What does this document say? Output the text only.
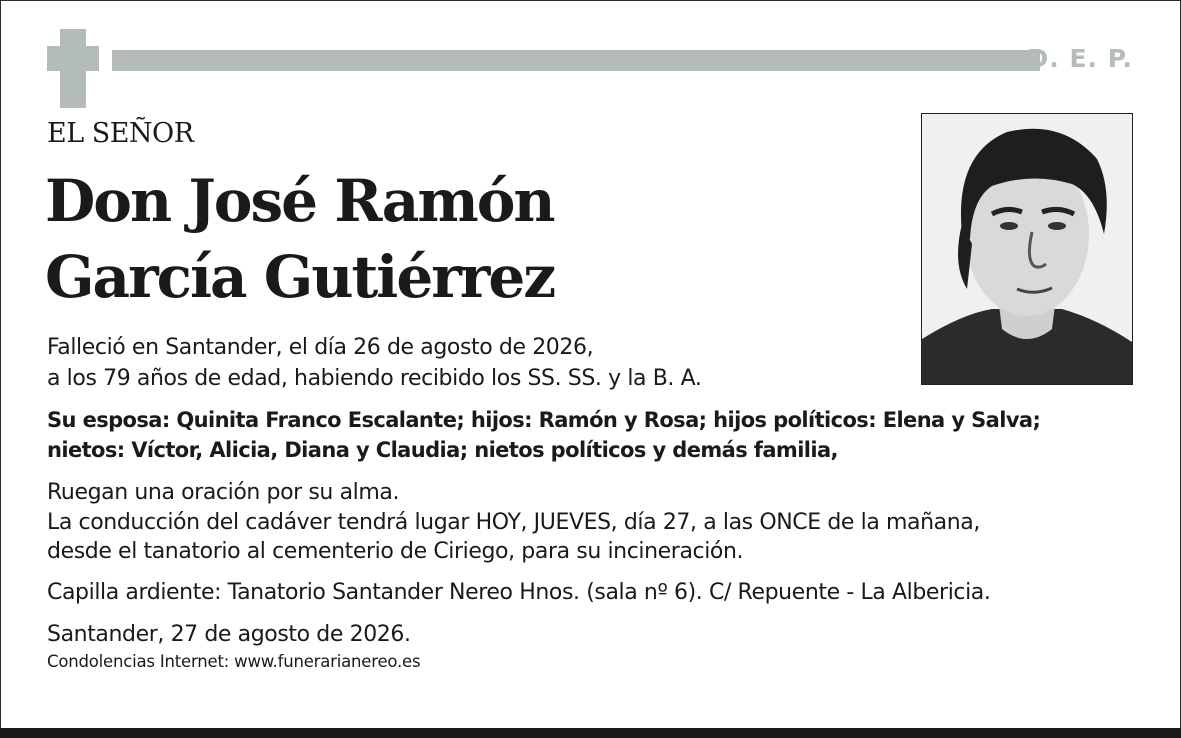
D. E. P.
EL SEÑOR
Don José Ramón
García Gutiérrez
Falleció en Santander, el día 26 de agosto de 2026,
a los 79 años de edad, habiendo recibido los SS. SS. y la B. A.
Su esposa: Quinita Franco Escalante; hijos: Ramón y Rosa; hijos políticos: Elena y Salva;
nietos: Víctor, Alicia, Diana y Claudia; nietos políticos y demás familia,
Ruegan una oración por su alma.
La conducción del cadáver tendrá lugar HOY, JUEVES, día 27, a las ONCE de la mañana,
desde el tanatorio al cementerio de Ciriego, para su incineración.
Capilla ardiente: Tanatorio Santander Nereo Hnos. (sala nº 6). C/ Repuente - La Albericia.
Santander, 27 de agosto de 2026.
Condolencias Internet: www.funerarianereo.es
